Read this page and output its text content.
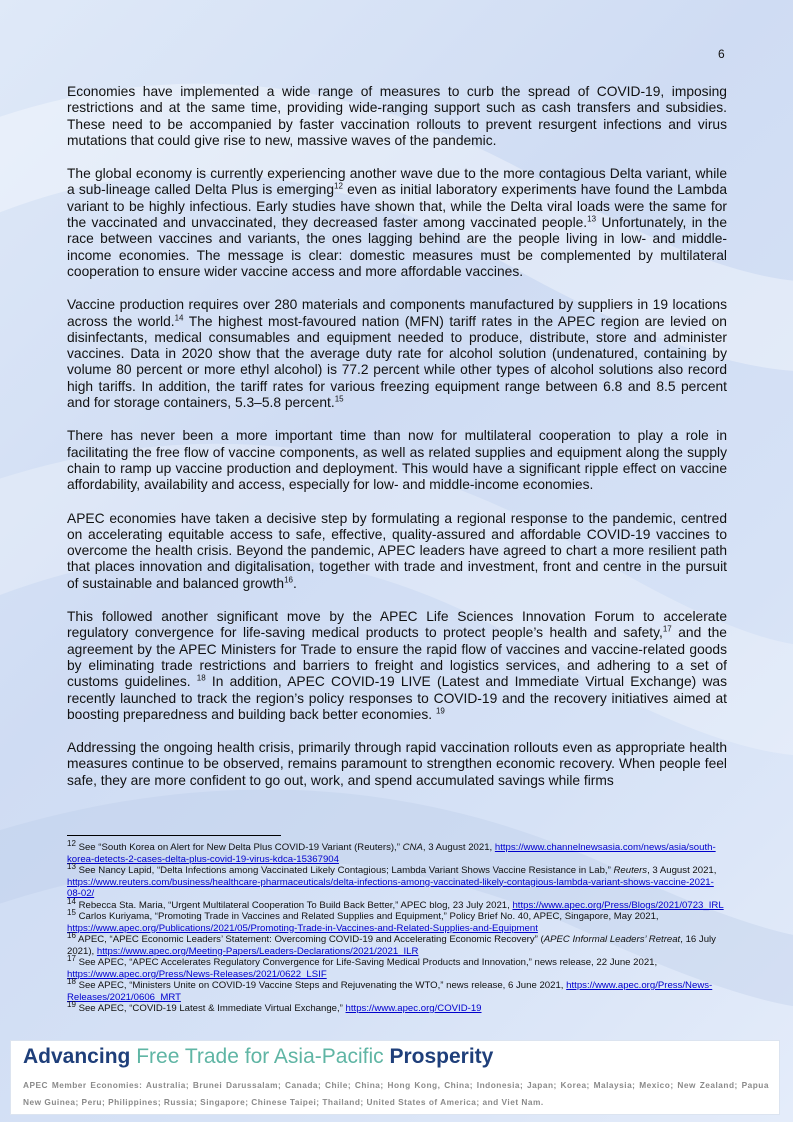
6

Economies have implemented a wide range of measures to curb the spread of COVID-19, imposing restrictions and at the same time, providing wide-ranging support such as cash transfers and subsidies. These need to be accompanied by faster vaccination rollouts to prevent resurgent infections and virus mutations that could give rise to new, massive waves of the pandemic.

The global economy is currently experiencing another wave due to the more contagious Delta variant, while a sub-lineage called Delta Plus is emerging$^{12}$ even as initial laboratory experiments have found the Lambda variant to be highly infectious. Early studies have shown that, while the Delta viral loads were the same for the vaccinated and unvaccinated, they decreased faster among vaccinated people.$^{13}$ Unfortunately, in the race between vaccines and variants, the ones lagging behind are the people living in low- and middle-income economies. The message is clear: domestic measures must be complemented by multilateral cooperation to ensure wider vaccine access and more affordable vaccines.

Vaccine production requires over 280 materials and components manufactured by suppliers in 19 locations across the world.$^{14}$ The highest most-favoured nation (MFN) tariff rates in the APEC region are levied on disinfectants, medical consumables and equipment needed to produce, distribute, store and administer vaccines. Data in 2020 show that the average duty rate for alcohol solution (undenatured, containing by volume 80 percent or more ethyl alcohol) is 77.2 percent while other types of alcohol solutions also record high tariffs. In addition, the tariff rates for various freezing equipment range between 6.8 and 8.5 percent and for storage containers, 5.3–5.8 percent.$^{15}$

There has never been a more important time than now for multilateral cooperation to play a role in facilitating the free flow of vaccine components, as well as related supplies and equipment along the supply chain to ramp up vaccine production and deployment. This would have a significant ripple effect on vaccine affordability, availability and access, especially for low- and middle-income economies.

APEC economies have taken a decisive step by formulating a regional response to the pandemic, centred on accelerating equitable access to safe, effective, quality-assured and affordable COVID-19 vaccines to overcome the health crisis. Beyond the pandemic, APEC leaders have agreed to chart a more resilient path that places innovation and digitalisation, together with trade and investment, front and centre in the pursuit of sustainable and balanced growth$^{16}$.

This followed another significant move by the APEC Life Sciences Innovation Forum to accelerate regulatory convergence for life-saving medical products to protect people’s health and safety,$^{17}$ and the agreement by the APEC Ministers for Trade to ensure the rapid flow of vaccines and vaccine-related goods by eliminating trade restrictions and barriers to freight and logistics services, and adhering to a set of customs guidelines. $^{18}$ In addition, APEC COVID-19 LIVE (Latest and Immediate Virtual Exchange) was recently launched to track the region’s policy responses to COVID-19 and the recovery initiatives aimed at boosting preparedness and building back better economies. $^{19}$

Addressing the ongoing health crisis, primarily through rapid vaccination rollouts even as appropriate health measures continue to be observed, remains paramount to strengthen economic recovery. When people feel safe, they are more confident to go out, work, and spend accumulated savings while firms

$^{12}$ See “South Korea on Alert for New Delta Plus COVID-19 Variant (Reuters),” CNA, 3 August 2021, https://www.channelnewsasia.com/news/asia/south-korea-detects-2-cases-delta-plus-covid-19-virus-kdca-15367904
$^{13}$ See Nancy Lapid, “Delta Infections among Vaccinated Likely Contagious; Lambda Variant Shows Vaccine Resistance in Lab,” Reuters, 3 August 2021, https://www.reuters.com/business/healthcare-pharmaceuticals/delta-infections-among-vaccinated-likely-contagious-lambda-variant-shows-vaccine-2021-08-02/
$^{14}$ Rebecca Sta. Maria, “Urgent Multilateral Cooperation To Build Back Better,” APEC blog, 23 July 2021, https://www.apec.org/Press/Blogs/2021/0723_IRL
$^{15}$ Carlos Kuriyama, “Promoting Trade in Vaccines and Related Supplies and Equipment,” Policy Brief No. 40, APEC, Singapore, May 2021, https://www.apec.org/Publications/2021/05/Promoting-Trade-in-Vaccines-and-Related-Supplies-and-Equipment
$^{16}$ APEC, “APEC Economic Leaders’ Statement: Overcoming COVID-19 and Accelerating Economic Recovery” (APEC Informal Leaders’ Retreat, 16 July 2021), https://www.apec.org/Meeting-Papers/Leaders-Declarations/2021/2021_ILR
$^{17}$ See APEC, “APEC Accelerates Regulatory Convergence for Life-Saving Medical Products and Innovation,” news release, 22 June 2021, https://www.apec.org/Press/News-Releases/2021/0622_LSIF
$^{18}$ See APEC, “Ministers Unite on COVID-19 Vaccine Steps and Rejuvenating the WTO,” news release, 6 June 2021, https://www.apec.org/Press/News-Releases/2021/0606_MRT
$^{19}$ See APEC, “COVID-19 Latest & Immediate Virtual Exchange,” https://www.apec.org/COVID-19
Advancing Free Trade for Asia-Pacific Prosperity
APEC Member Economies: Australia; Brunei Darussalam; Canada; Chile; China; Hong Kong, China; Indonesia; Japan; Korea; Malaysia; Mexico; New Zealand; Papua New Guinea; Peru; Philippines; Russia; Singapore; Chinese Taipei; Thailand; United States of America; and Viet Nam.
